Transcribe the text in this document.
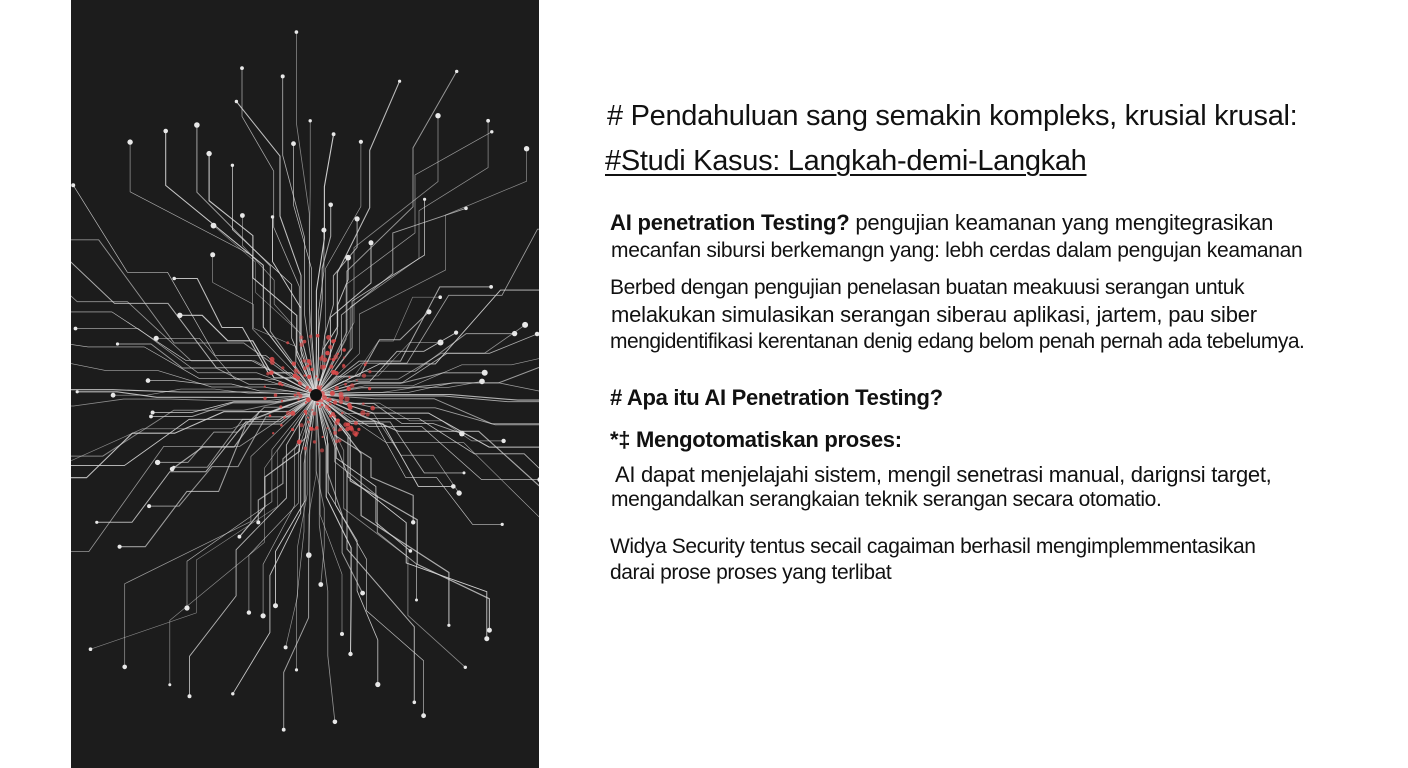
# Pendahuluan sang semakin kompleks, krusial krusal:
#Studi Kasus: Langkah-demi-Langkah
AI penetration Testing? pengujian keamanan yang mengitegrasikan
mecanfan sibursi berkemangn yang: lebh cerdas dalam pengujan keamanan
Berbed dengan pengujian penelasan buatan meakuusi serangan untuk
melakukan simulasikan serangan siberau aplikasi, jartem, pau siber
mengidentifikasi kerentanan denig edang belom penah pernah ada tebelumya.
# Apa itu AI Penetration Testing?
*‡ Mengotomatiskan proses:
AI dapat menjelajahi sistem, mengil senetrasi manual, darignsi target,
mengandalkan serangkaian teknik serangan secara otomatio.
Widya Security tentus secail cagaiman berhasil mengimplemmentasikan
darai prose proses yang terlibat
